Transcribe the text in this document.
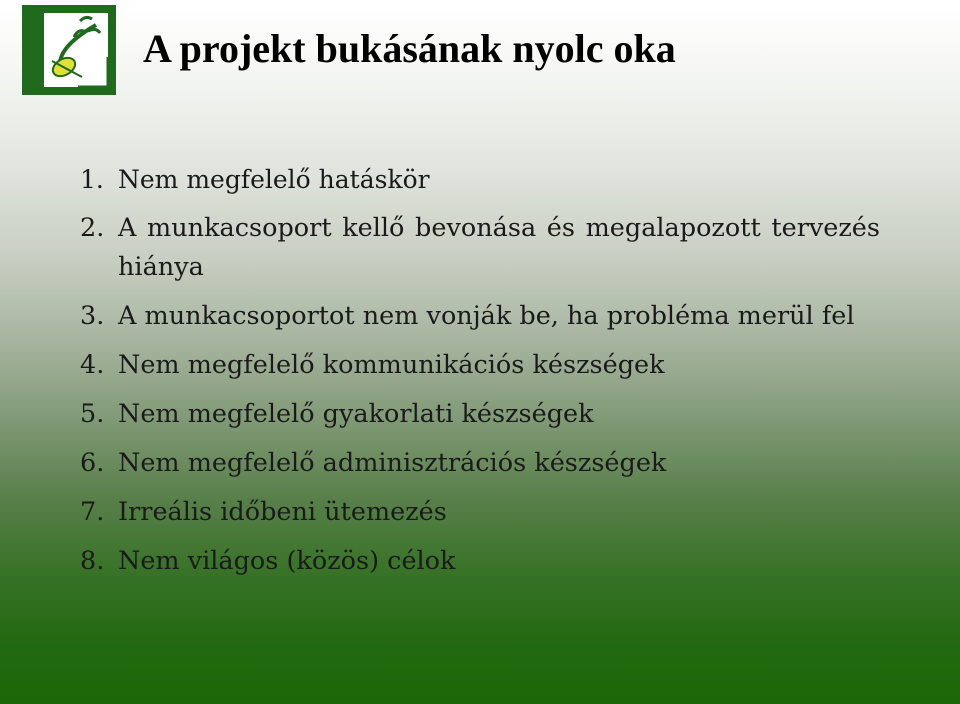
A projekt bukásának nyolc oka
1. Nem megfelelő hatáskör
2. A munkacsoport kellő bevonása és megalapozott tervezés hiánya
3. A munkacsoportot nem vonják be, ha probléma merül fel
4. Nem megfelelő kommunikációs készségek
5. Nem megfelelő gyakorlati készségek
6. Nem megfelelő adminisztrációs készségek
7. Irreális időbeni ütemezés
8. Nem világos (közös) célok
